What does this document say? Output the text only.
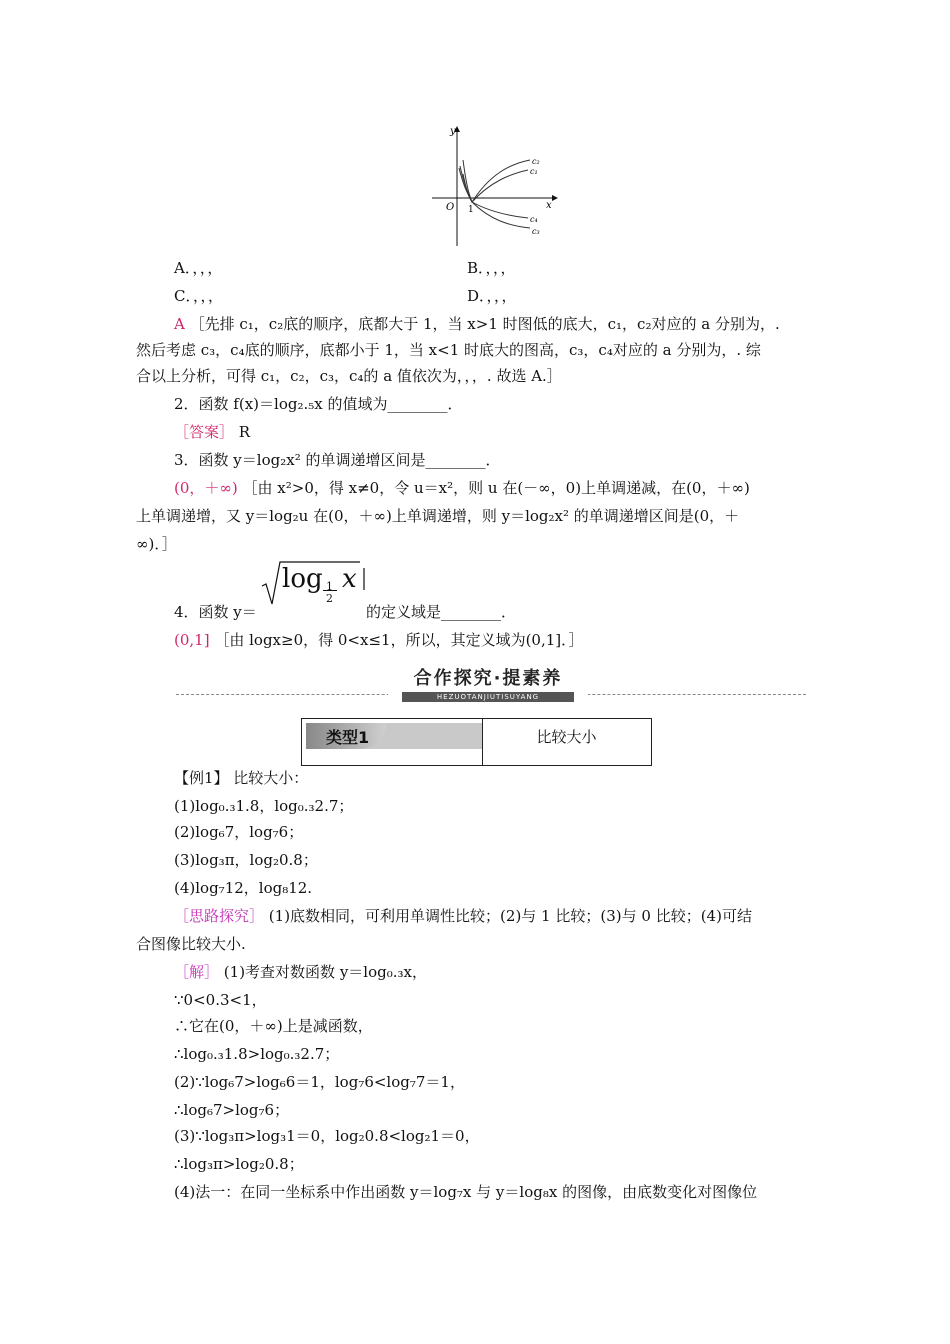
y
x
O 1
c₂
c₁
c₄
c₃
A．，，，	B．，，，
C．，，，	D．，，，
A ［先排 c₁，c₂底的顺序，底都大于 1，当 x>1 时图低的底大，c₁，c₂对应的 a 分别为，.
然后考虑 c₃，c₄底的顺序，底都小于 1，当 x<1 时底大的图高，c₃，c₄对应的 a 分别为，. 综
合以上分析，可得 c₁，c₂，c₃，c₄的 a 值依次为，，，. 故选 A.］
2．函数 f(x)＝log₂.₅x 的值域为________．
［答案］ R
3．函数 y＝log₂x² 的单调递增区间是________．
(0，＋∞) ［由 x²>0，得 x≠0，令 u＝x²，则 u 在(－∞，0)上单调递减，在(0，＋∞)
上单调递增，又 y＝log₂u 在(0，＋∞)上单调递增，则 y＝log₂x² 的单调递增区间是(0，＋
∞)．］
4．函数 y＝
log 1
2
x
的定义域是________．
(0,1] ［由 logx≥0，得 0<x≤1，所以，其定义域为(0,1]．］
合作探究·提素养
HEZUOTANJIUTISUYANG
类型1	比较大小
【例1】 比较大小：
(1)log₀.₃1.8，log₀.₃2.7；
(2)log₆7，log₇6；
(3)log₃π，log₂0.8；
(4)log₇12，log₈12.
［思路探究］ (1)底数相同，可利用单调性比较；(2)与 1 比较；(3)与 0 比较；(4)可结
合图像比较大小.
［解］ (1)考查对数函数 y＝log₀.₃x，
∵0<0.3<1，
∴它在(0，＋∞)上是减函数，
∴log₀.₃1.8>log₀.₃2.7；
(2)∵log₆7>log₆6＝1，log₇6<log₇7＝1，
∴log₆7>log₇6；
(3)∵log₃π>log₃1＝0，log₂0.8<log₂1＝0，
∴log₃π>log₂0.8；
(4)法一：在同一坐标系中作出函数 y＝log₇x 与 y＝log₈x 的图像，由底数变化对图像位
